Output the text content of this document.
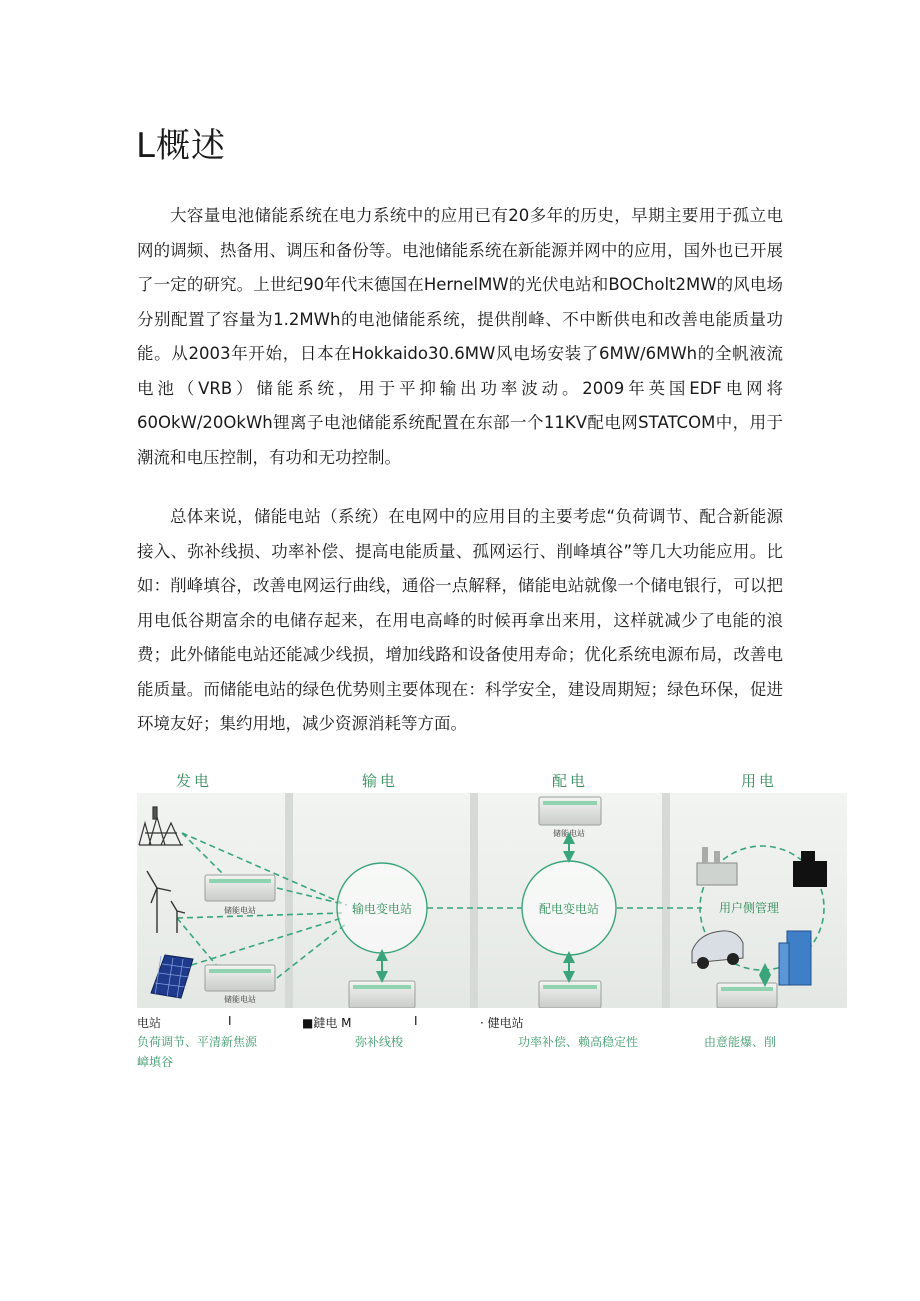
L概述

大容量电池储能系统在电力系统中的应用已有20多年的历史，早期主要用于孤立电网的调频、热备用、调压和备份等。电池储能系统在新能源并网中的应用，国外也已开展了一定的研究。上世纪90年代末德国在HernelMW的光伏电站和BOCholt2MW的风电场分别配置了容量为1.2MWh的电池储能系统，提供削峰、不中断供电和改善电能质量功能。从2003年开始，日本在Hokkaido30.6MW风电场安装了6MW∕6MWh的全帆液流电池（VRB）储能系统，用于平抑输出功率波动。2009年英国EDF电网将60OkW/20OkWh锂离子电池储能系统配置在东部一个11KV配电网STATCOM中，用于潮流和电压控制，有功和无功控制。

总体来说，储能电站（系统）在电网中的应用目的主要考虑“负荷调节、配合新能源接入、弥补线损、功率补偿、提高电能质量、孤网运行、削峰填谷”等几大功能应用。比如：削峰填谷，改善电网运行曲线，通俗一点解释，储能电站就像一个储电银行，可以把用电低谷期富余的电储存起来，在用电高峰的时候再拿出来用，这样就减少了电能的浪费；此外储能电站还能减少线损，增加线路和设备使用寿命；优化系统电源布局，改善电能质量。而储能电站的绿色优势则主要体现在：科学安全，建设周期短；绿色环保，促进环境友好；集约用地，减少资源消耗等方面。

发电	输电	配电	用电
输电变电站	配电变电站	用户侧管理
储能电站
储能电站
储能电站
电站	I	■鐽电 M	I	· 健电站
负荷调节、平清新焦源	弥补线梭	功率补偿、赖高稳定性	由意能爆、削
嶂填谷
